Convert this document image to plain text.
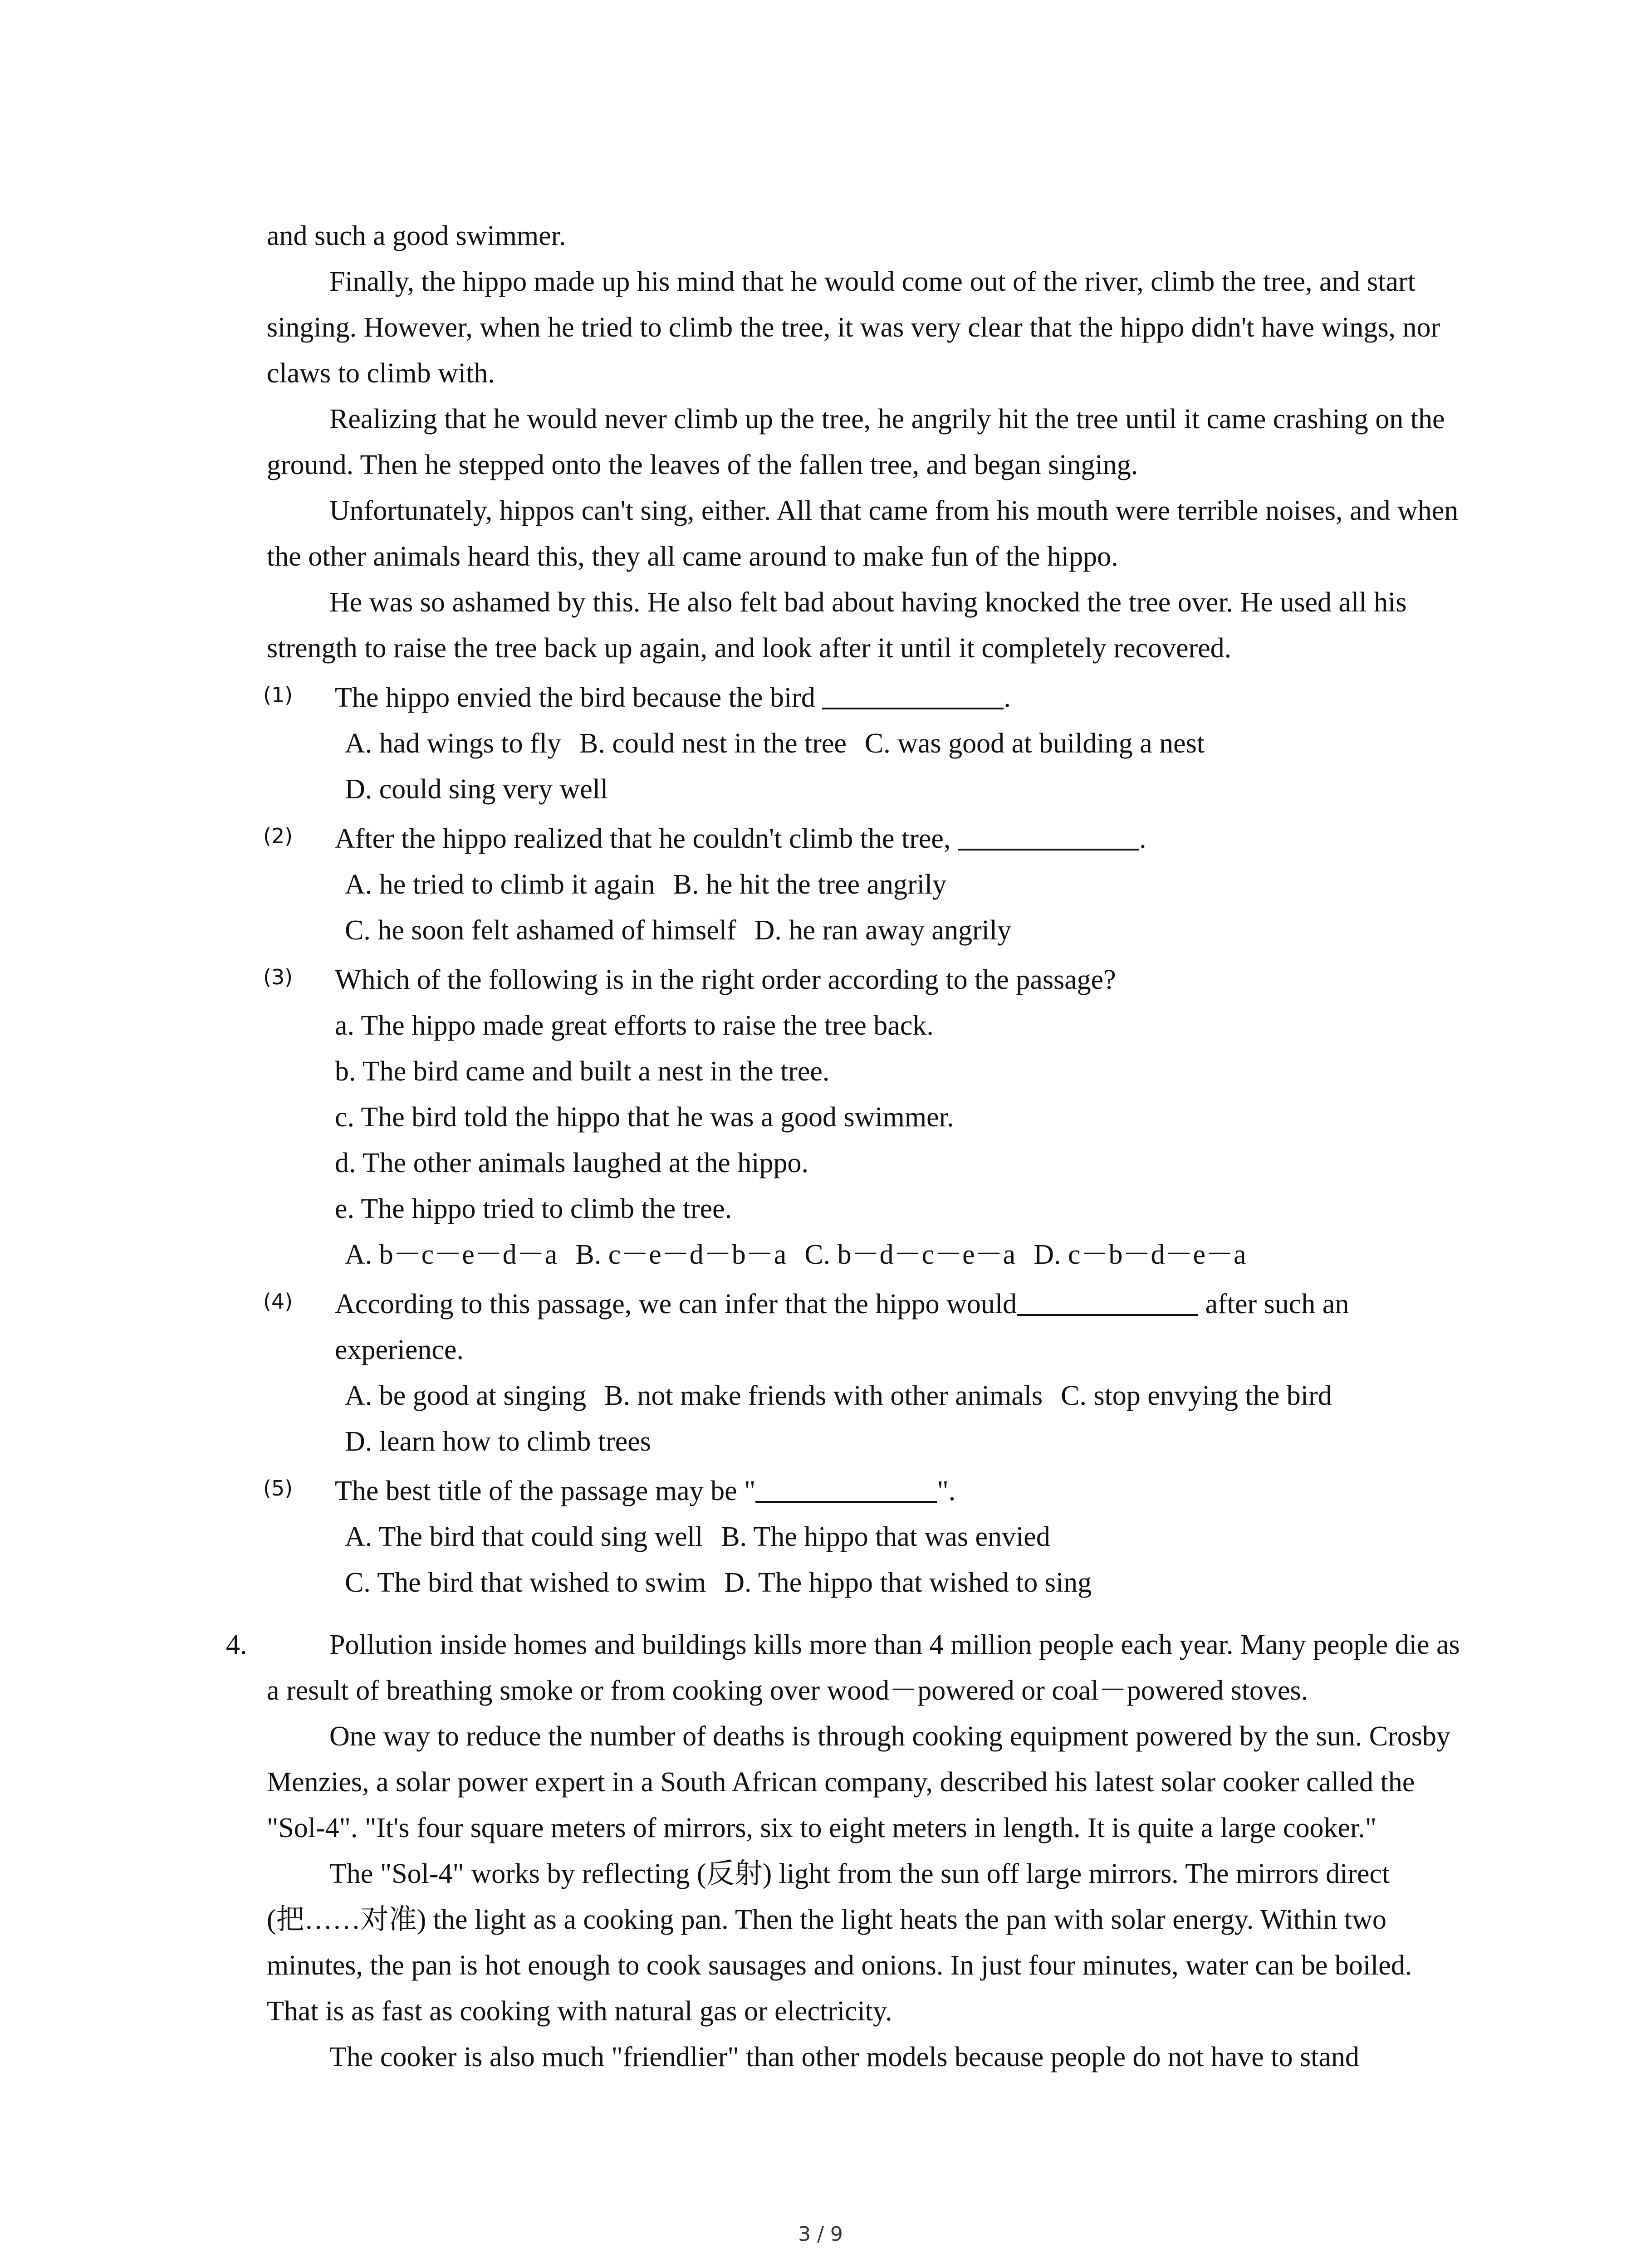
and such a good swimmer.

Finally, the hippo made up his mind that he would come out of the river, climb the tree, and start singing. However, when he tried to climb the tree, it was very clear that the hippo didn't have wings, nor claws to climb with.

Realizing that he would never climb up the tree, he angrily hit the tree until it came crashing on the ground. Then he stepped onto the leaves of the fallen tree, and began singing.

Unfortunately, hippos can't sing, either. All that came from his mouth were terrible noises, and when the other animals heard this, they all came around to make fun of the hippo.

He was so ashamed by this. He also felt bad about having knocked the tree over. He used all his strength to raise the tree back up again, and look after it until it completely recovered.

(1)	The hippo envied the bird because the bird	.
A. had wings to fly B. could nest in the tree C. was good at building a nest
D. could sing very well
(2)	After the hippo realized that he couldn't climb the tree,	.
A. he tried to climb it again B. he hit the tree angrily
C. he soon felt ashamed of himself D. he ran away angrily
(3)	Which of the following is in the right order according to the passage?
a. The hippo made great efforts to raise the tree back.
b. The bird came and built a nest in the tree.
c. The bird told the hippo that he was a good swimmer.
d. The other animals laughed at the hippo.
e. The hippo tried to climb the tree.
A. b－c－e－d－a B. c－e－d－b－a C. b－d－c－e－a D. c－b－d－e－a
(4)	According to this passage, we can infer that the hippo would	after such an experience.
A. be good at singing B. not make friends with other animals C. stop envying the bird
D. learn how to climb trees
(5)	The best title of the passage may be "	".
A. The bird that could sing well B. The hippo that was envied
C. The bird that wished to swim D. The hippo that wished to sing
4.	Pollution inside homes and buildings kills more than 4 million people each year. Many people die as a result of breathing smoke or from cooking over wood－powered or coal－powered stoves.

One way to reduce the number of deaths is through cooking equipment powered by the sun. Crosby Menzies, a solar power expert in a South African company, described his latest solar cooker called the "Sol-4". "It's four square meters of mirrors, six to eight meters in length. It is quite a large cooker."

The "Sol-4" works by reflecting (反射) light from the sun off large mirrors. The mirrors direct (把……对准) the light as a cooking pan. Then the light heats the pan with solar energy. Within two minutes, the pan is hot enough to cook sausages and onions. In just four minutes, water can be boiled. That is as fast as cooking with natural gas or electricity.

The cooker is also much "friendlier" than other models because people do not have to stand

3 / 9
